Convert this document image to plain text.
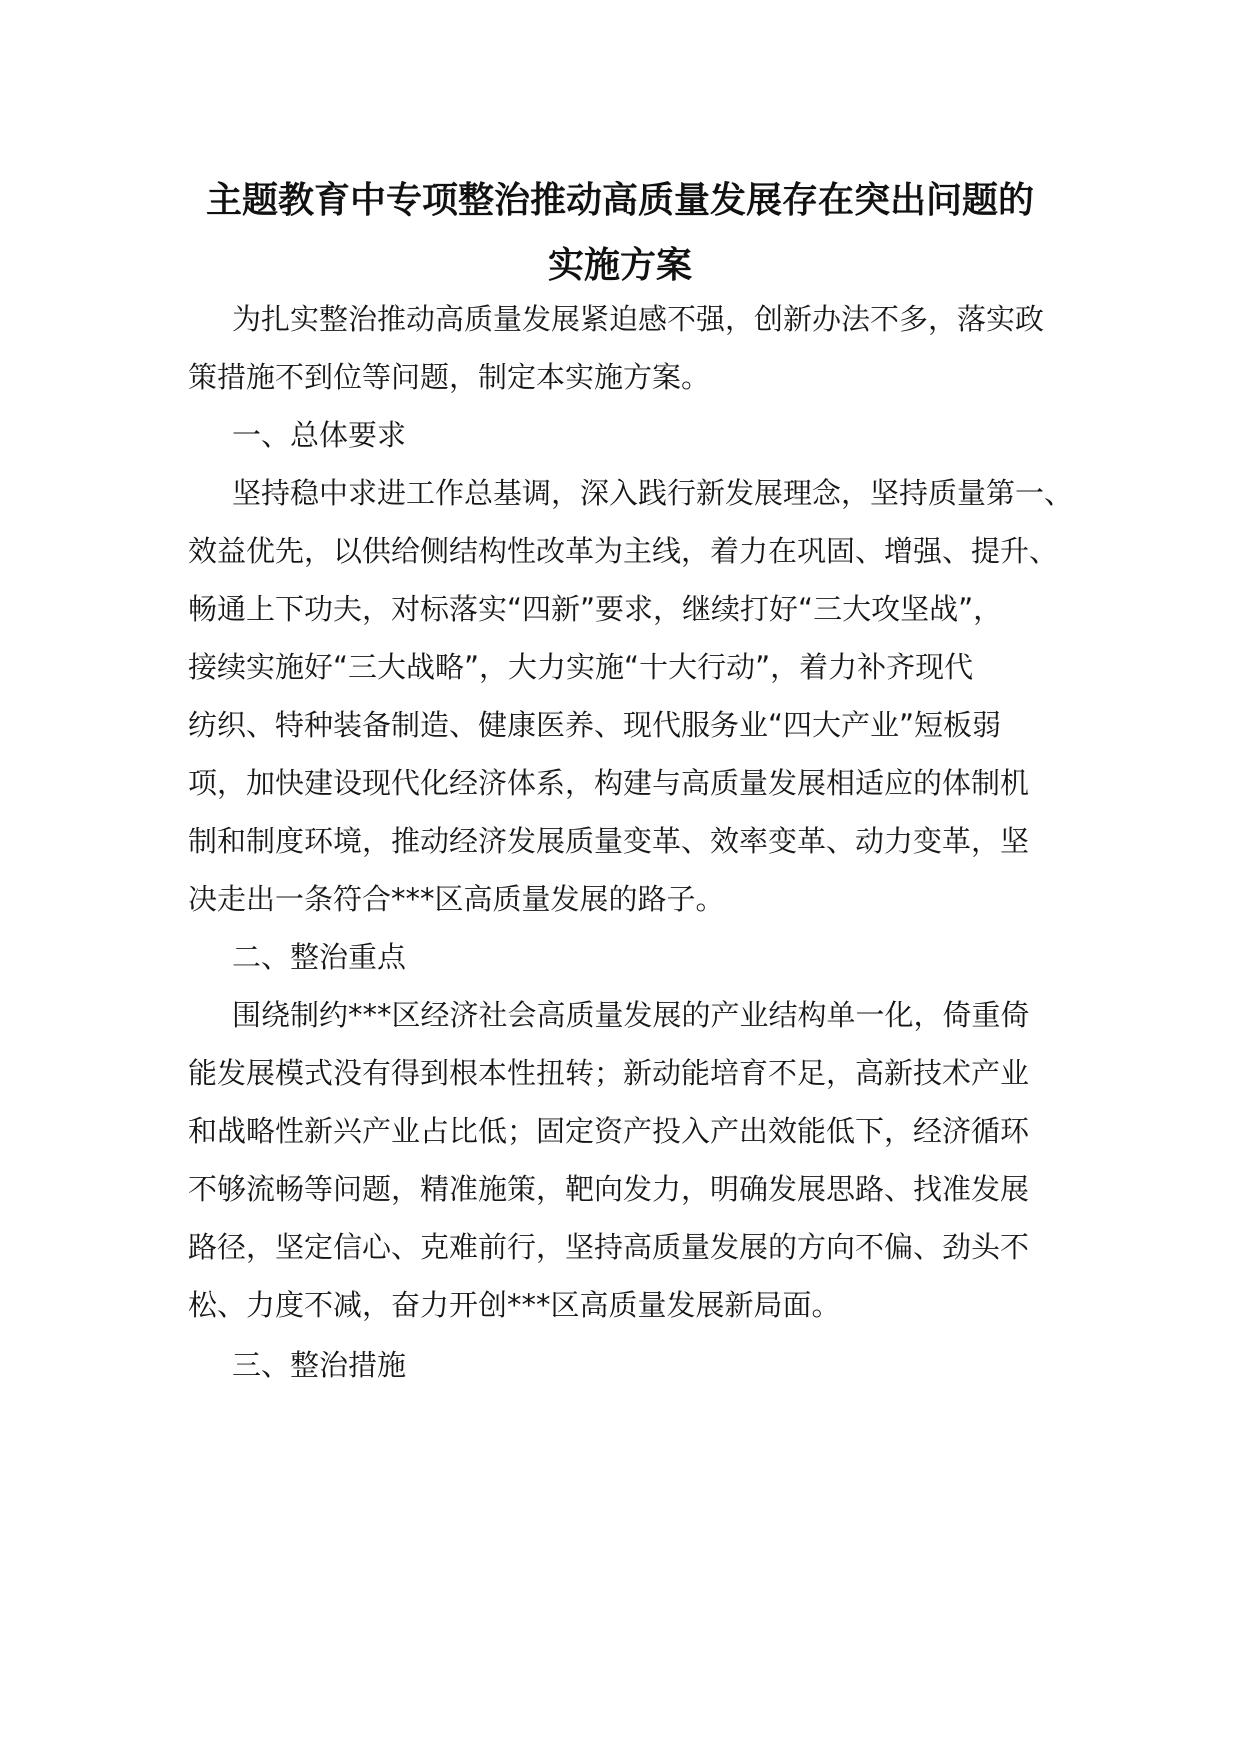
主题教育中专项整治推动高质量发展存在突出问题的
实施方案
为扎实整治推动高质量发展紧迫感不强，创新办法不多，落实政
策措施不到位等问题，制定本实施方案。
一、总体要求
坚持稳中求进工作总基调，深入践行新发展理念，坚持质量第一、
效益优先，以供给侧结构性改革为主线，着力在巩固、增强、提升、
畅通上下功夫，对标落实“四新”要求，继续打好“三大攻坚战”，
接续实施好“三大战略”，大力实施“十大行动”，着力补齐现代
纺织、特种装备制造、健康医养、现代服务业“四大产业”短板弱
项，加快建设现代化经济体系，构建与高质量发展相适应的体制机
制和制度环境，推动经济发展质量变革、效率变革、动力变革，坚
决走出一条符合***区高质量发展的路子。
二、整治重点
围绕制约***区经济社会高质量发展的产业结构单一化，倚重倚
能发展模式没有得到根本性扭转；新动能培育不足，高新技术产业
和战略性新兴产业占比低；固定资产投入产出效能低下，经济循环
不够流畅等问题，精准施策，靶向发力，明确发展思路、找准发展
路径，坚定信心、克难前行，坚持高质量发展的方向不偏、劲头不
松、力度不减，奋力开创***区高质量发展新局面。
三、整治措施
